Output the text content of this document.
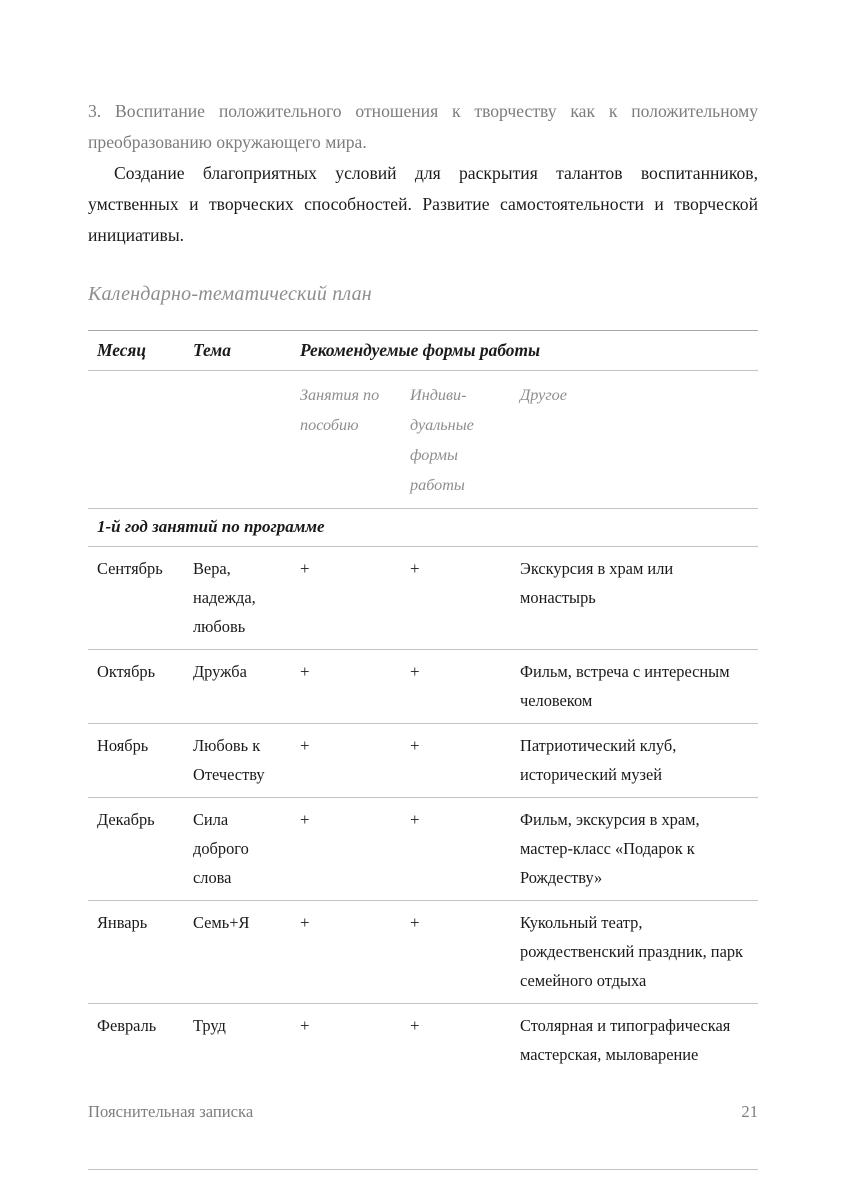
3. Воспитание положительного отношения к творчеству как к положительному преобразованию окружающего мира.

Создание благоприятных условий для раскрытия талантов воспитанников, умственных и творческих способностей. Развитие самостоятельности и творческой инициативы.

Календарно-тематический план
Месяц	Тема	Рекомендуемые формы работы		
		Занятия по пособию	Индиви- дуальные формы работы	Другое
1-й год занятий по программе				
Сентябрь	Вера, надежда, любовь	+	+	Экскурсия в храм или монастырь
Октябрь	Дружба	+	+	Фильм, встреча с интересным человеком
Ноябрь	Любовь к Отечеству	+	+	Патриотический клуб, исторический музей
Декабрь	Сила доброго слова	+	+	Фильм, экскурсия в храм, мастер-класс «Подарок к Рождеству»
Январь	Семь+Я	+	+	Кукольный театр, рождественский праздник, парк семейного отдыха
Февраль	Труд	+	+	Столярная и типографическая мастерская, мыловарение
Пояснительная записка	21
